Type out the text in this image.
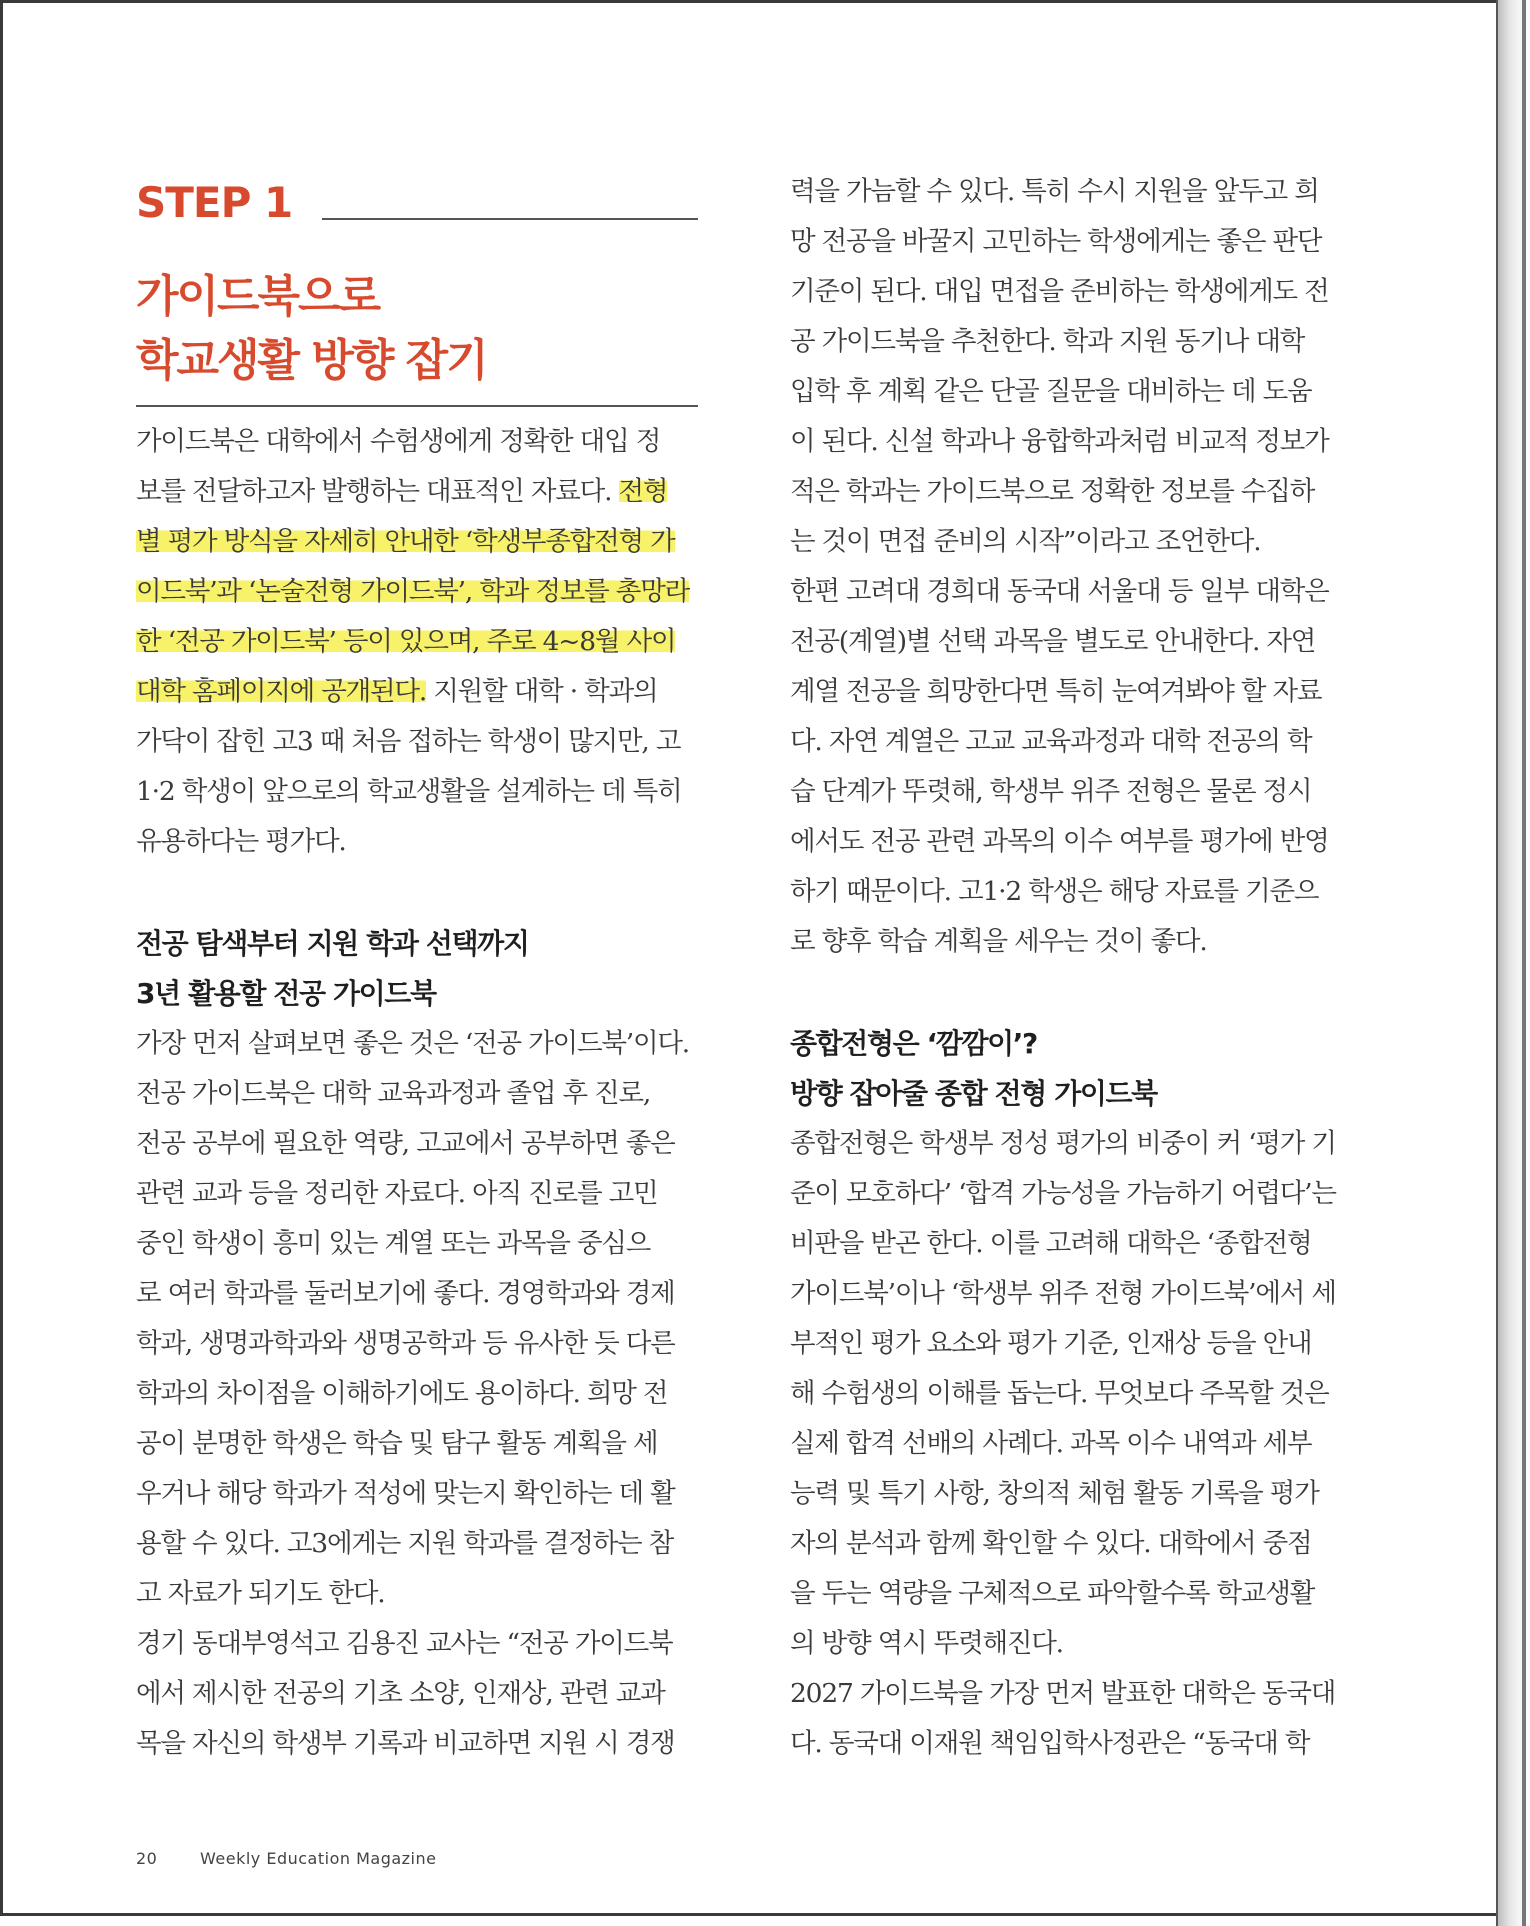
STEP 1
가이드북으로
학교생활 방향 잡기
가이드북은 대학에서 수험생에게 정확한 대입 정
보를 전달하고자 발행하는 대표적인 자료다. 전형
별 평가 방식을 자세히 안내한 ‘학생부종합전형 가
이드북’과 ‘논술전형 가이드북’, 학과 정보를 총망라
한 ‘전공 가이드북’ 등이 있으며, 주로 4~8월 사이
대학 홈페이지에 공개된다. 지원할 대학 · 학과의
가닥이 잡힌 고3 때 처음 접하는 학생이 많지만, 고
1·2 학생이 앞으로의 학교생활을 설계하는 데 특히
유용하다는 평가다.
전공 탐색부터 지원 학과 선택까지
3년 활용할 전공 가이드북
가장 먼저 살펴보면 좋은 것은 ‘전공 가이드북’이다.
전공 가이드북은 대학 교육과정과 졸업 후 진로,
전공 공부에 필요한 역량, 고교에서 공부하면 좋은
관련 교과 등을 정리한 자료다. 아직 진로를 고민
중인 학생이 흥미 있는 계열 또는 과목을 중심으
로 여러 학과를 둘러보기에 좋다. 경영학과와 경제
학과, 생명과학과와 생명공학과 등 유사한 듯 다른
학과의 차이점을 이해하기에도 용이하다. 희망 전
공이 분명한 학생은 학습 및 탐구 활동 계획을 세
우거나 해당 학과가 적성에 맞는지 확인하는 데 활
용할 수 있다. 고3에게는 지원 학과를 결정하는 참
고 자료가 되기도 한다.
경기 동대부영석고 김용진 교사는 “전공 가이드북
에서 제시한 전공의 기초 소양, 인재상, 관련 교과
목을 자신의 학생부 기록과 비교하면 지원 시 경쟁
력을 가늠할 수 있다. 특히 수시 지원을 앞두고 희
망 전공을 바꿀지 고민하는 학생에게는 좋은 판단
기준이 된다. 대입 면접을 준비하는 학생에게도 전
공 가이드북을 추천한다. 학과 지원 동기나 대학
입학 후 계획 같은 단골 질문을 대비하는 데 도움
이 된다. 신설 학과나 융합학과처럼 비교적 정보가
적은 학과는 가이드북으로 정확한 정보를 수집하
는 것이 면접 준비의 시작”이라고 조언한다.
한편 고려대 경희대 동국대 서울대 등 일부 대학은
전공(계열)별 선택 과목을 별도로 안내한다. 자연
계열 전공을 희망한다면 특히 눈여겨봐야 할 자료
다. 자연 계열은 고교 교육과정과 대학 전공의 학
습 단계가 뚜렷해, 학생부 위주 전형은 물론 정시
에서도 전공 관련 과목의 이수 여부를 평가에 반영
하기 때문이다. 고1·2 학생은 해당 자료를 기준으
로 향후 학습 계획을 세우는 것이 좋다.
종합전형은 ‘깜깜이’?
방향 잡아줄 종합 전형 가이드북
종합전형은 학생부 정성 평가의 비중이 커 ‘평가 기
준이 모호하다’ ‘합격 가능성을 가늠하기 어렵다’는
비판을 받곤 한다. 이를 고려해 대학은 ‘종합전형
가이드북’이나 ‘학생부 위주 전형 가이드북’에서 세
부적인 평가 요소와 평가 기준, 인재상 등을 안내
해 수험생의 이해를 돕는다. 무엇보다 주목할 것은
실제 합격 선배의 사례다. 과목 이수 내역과 세부
능력 및 특기 사항, 창의적 체험 활동 기록을 평가
자의 분석과 함께 확인할 수 있다. 대학에서 중점
을 두는 역량을 구체적으로 파악할수록 학교생활
의 방향 역시 뚜렷해진다.
2027 가이드북을 가장 먼저 발표한 대학은 동국대
다. 동국대 이재원 책임입학사정관은 “동국대 학
20	Weekly Education Magazine
